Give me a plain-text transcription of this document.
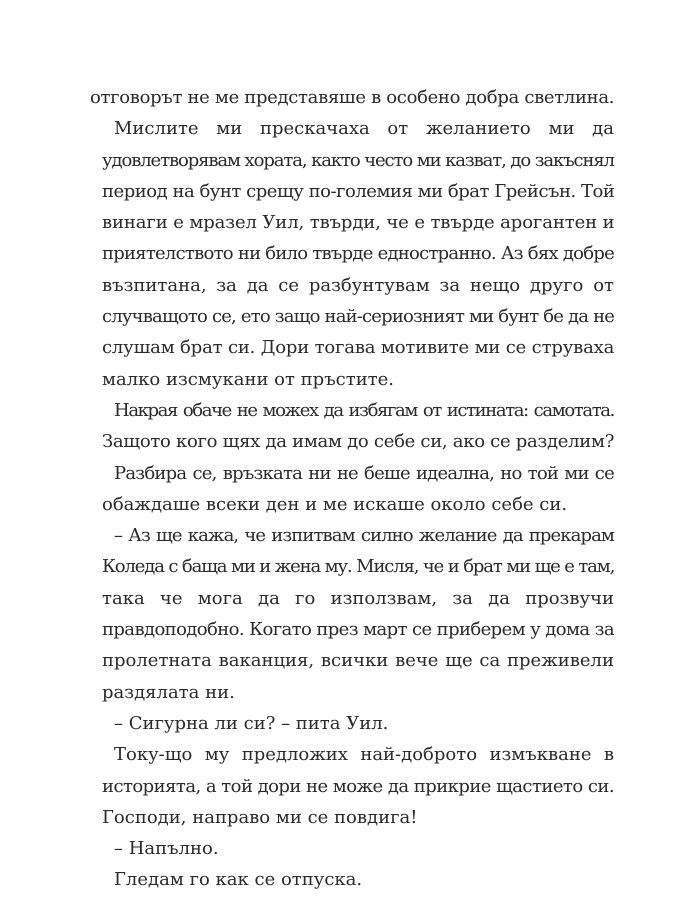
отговорът не ме представяше в особено добра светлина.
Мислите ми прескачаха от желанието ми да
удовлетворявам хората, както често ми казват, до закъснял
период на бунт срещу по-големия ми брат Грейсън. Той
винаги е мразел Уил, твърди, че е твърде арогантен и
приятелството ни било твърде едностранно. Аз бях добре
възпитана, за да се разбунтувам за нещо друго от
случващото се, ето защо най-сериозният ми бунт бе да не
слушам брат си. Дори тогава мотивите ми се струваха
малко изсмукани от пръстите.
Накрая обаче не можех да избягам от истината: самотата.
Защото кого щях да имам до себе си, ако се разделим?
Разбира се, връзката ни не беше идеална, но той ми се
обаждаше всеки ден и ме искаше около себе си.
– Аз ще кажа, че изпитвам силно желание да прекарам
Коледа с баща ми и жена му. Мисля, че и брат ми ще е там,
така че мога да го използвам, за да прозвучи
правдоподобно. Когато през март се приберем у дома за
пролетната ваканция, всички вече ще са преживели
раздялата ни.
– Сигурна ли си? – пита Уил.
Току-що му предложих най-доброто измъкване в
историята, а той дори не може да прикрие щастието си.
Господи, направо ми се повдига!
– Напълно.
Гледам го как се отпуска.
